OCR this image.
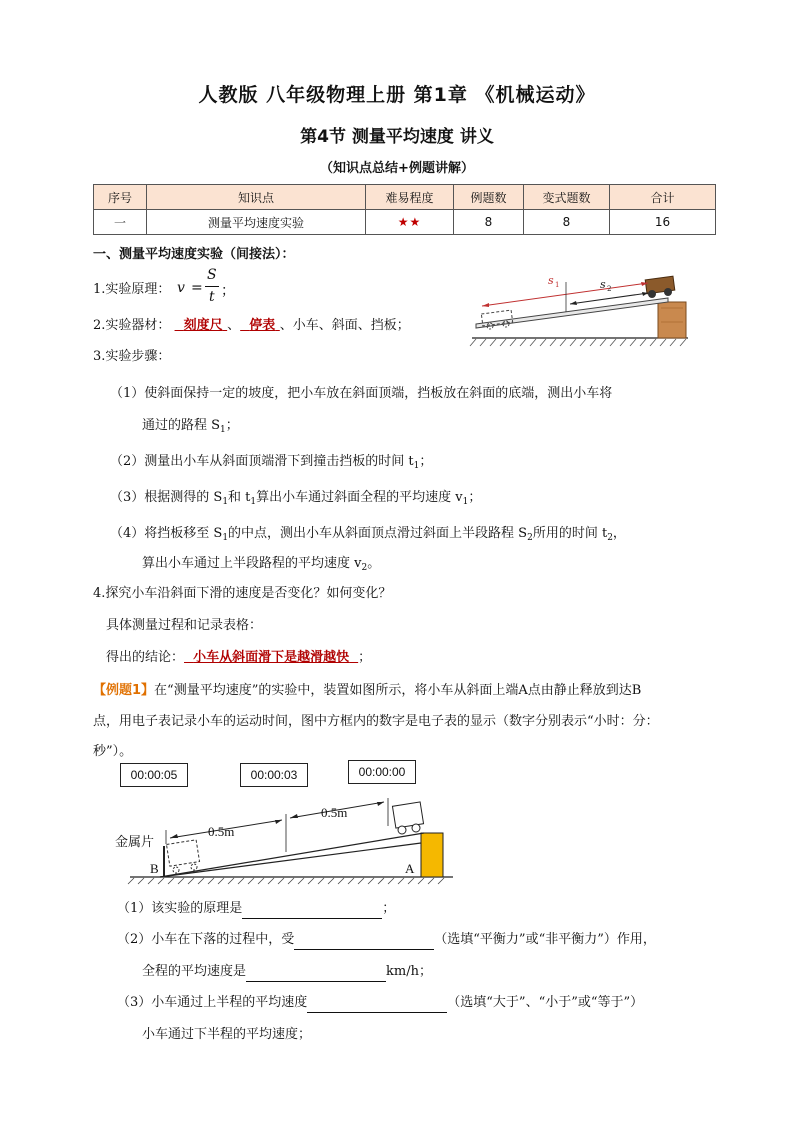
人教版 八年级物理上册 第1章 《机械运动》
第4节 测量平均速度 讲义
（知识点总结+例题讲解）
序号	知识点	难易程度	例题数	变式题数	合计
一	测量平均速度实验	★★	8	8	16
一、测量平均速度实验（间接法）：
1.实验原理： v =
S
t ；
2.实验器材： 刻度尺 、 停表 、小车、斜面、挡板；
s 1	s 2
3.实验步骤：
（1）使斜面保持一定的坡度，把小车放在斜面顶端，挡板放在斜面的底端，测出小车将
通过的路程 $S_1$；
（2）测量出小车从斜面顶端滑下到撞击挡板的时间 $t_1$；
（3）根据测得的 $S_1$和 $t_1$算出小车通过斜面全程的平均速度 $v_1$；
（4）将挡板移至 $S_1$的中点，测出小车从斜面顶点滑过斜面上半段路程 $S_2$所用的时间 $t_2$，
算出小车通过上半段路程的平均速度 $v_2$。
4.探究小车沿斜面下滑的速度是否变化？如何变化？
具体测量过程和记录表格：
得出的结论： 小车从斜面滑下是越滑越快 ；
【例题1】在“测量平均速度”的实验中，装置如图所示，将小车从斜面上端A点由静止释放到达B
点，用电子表记录小车的运动时间，图中方框内的数字是电子表的显示（数字分别表示“小时：分：
秒”）。
00:00:05	00:00:03	00:00:00
0.5m
0.5m
B	A
金属片
（1）该实验的原理是	；
（2）小车在下落的过程中，受	（选填“平衡力”或“非平衡力”）作用，
全程的平均速度是	km/h；
（3）小车通过上半程的平均速度	（选填“大于”、“小于”或“等于”）
小车通过下半程的平均速度；
